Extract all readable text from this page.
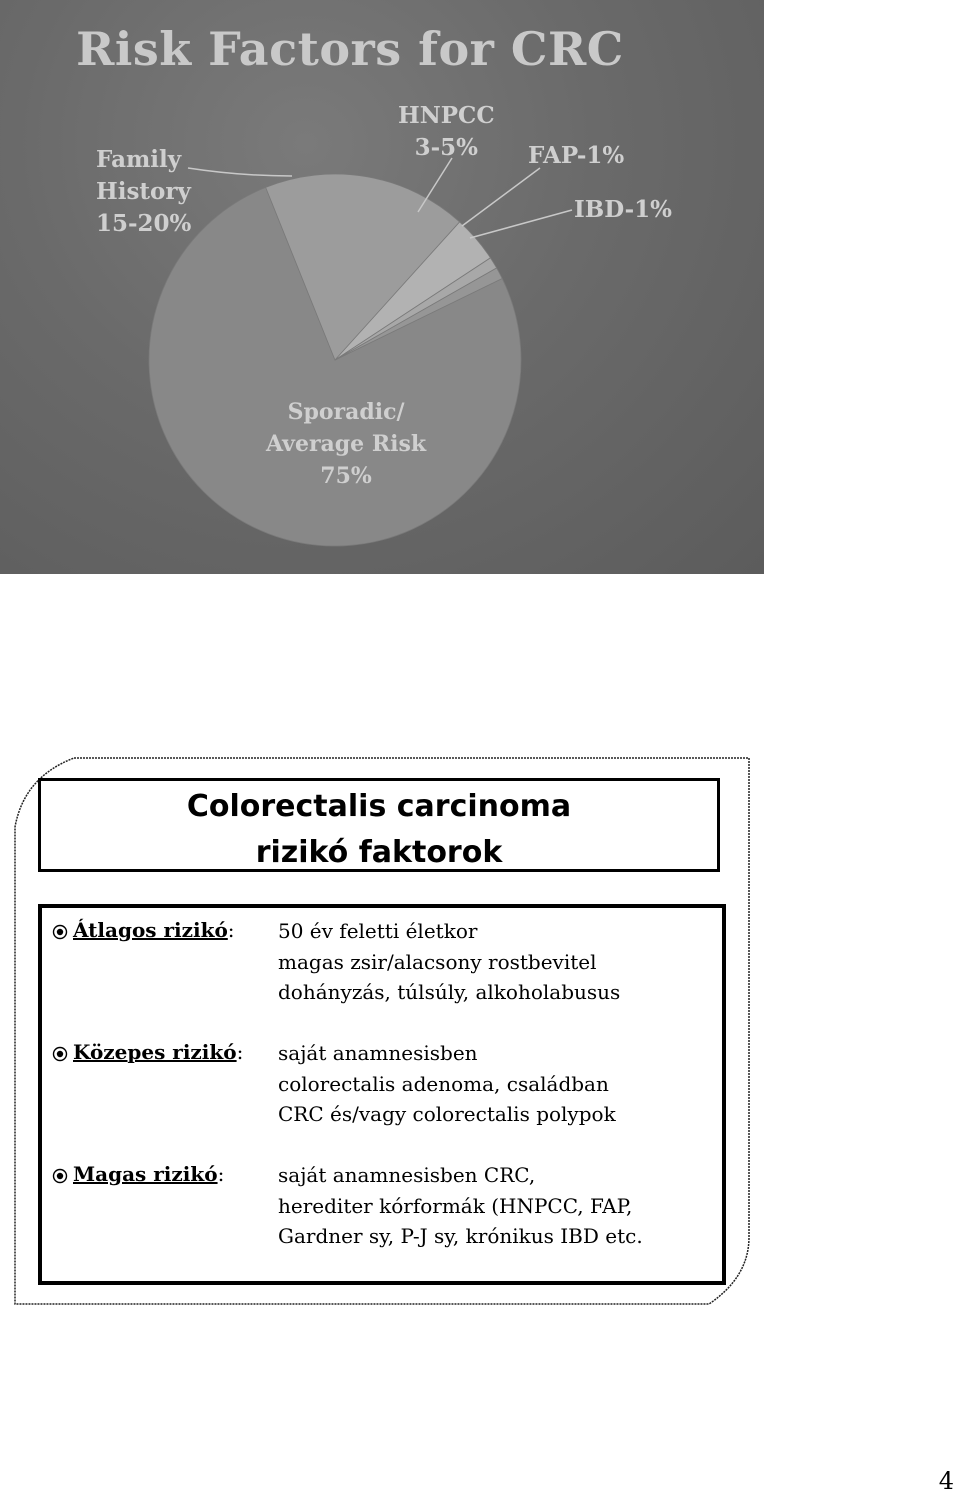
Risk Factors for CRC
Family
History
15-20%
HNPCC
3-5%	FAP-1%
IBD-1%
Sporadic/
Average Risk
75%
Colorectalis carcinoma
rizikó faktorok
Átlagos rizikó: 50 év feletti életkor
magas zsir/alacsony rostbevitel
dohányzás, túlsúly, alkoholabusus
Közepes rizikó: saját anamnesisben
colorectalis adenoma, családban
CRC és/vagy colorectalis polypok
Magas rizikó:	saját anamnesisben CRC,
herediter kórformák (HNPCC, FAP,
Gardner sy, P-J sy, krónikus IBD etc.
4
